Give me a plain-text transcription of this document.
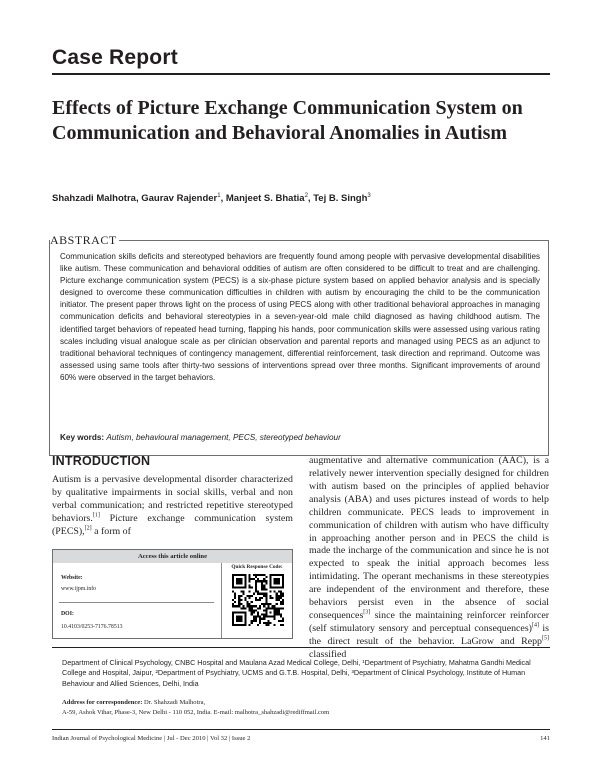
Case Report
Effects of Picture Exchange Communication System on Communication and Behavioral Anomalies in Autism
Shahzadi Malhotra, Gaurav Rajender$^1$, Manjeet S. Bhatia$^2$, Tej B. Singh$^3$
ABSTRACT
Communication skills deficits and stereotyped behaviors are frequently found among people with pervasive developmental disabilities like autism. These communication and behavioral oddities of autism are often considered to be difficult to treat and are challenging. Picture exchange communication system (PECS) is a six-phase picture system based on applied behavior analysis and is specially designed to overcome these communication difficulties in children with autism by encouraging the child to be the communication initiator. The present paper throws light on the process of using PECS along with other traditional behavioral approaches in managing communication deficits and behavioral stereotypies in a seven-year-old male child diagnosed as having childhood autism. The identified target behaviors of repeated head turning, flapping his hands, poor communication skills were assessed using various rating scales including visual analogue scale as per clinician observation and parental reports and managed using PECS as an adjunct to traditional behavioral techniques of contingency management, differential reinforcement, task direction and reprimand. Outcome was assessed using same tools after thirty-two sessions of interventions spread over three months. Significant improvements of around 60% were observed in the target behaviors.
Key words: Autism, behavioural management, PECS, stereotyped behaviour
INTRODUCTION
Autism is a pervasive developmental disorder characterized by qualitative impairments in social skills, verbal and non verbal communication; and restricted repetitive stereotyped behaviors.[1] Picture exchange communication system (PECS),[2] a form of
augmentative and alternative communication (AAC), is a relatively newer intervention specially designed for children with autism based on the principles of applied behavior analysis (ABA) and uses pictures instead of words to help children communicate. PECS leads to improvement in communication of children with autism who have difficulty in approaching another person and in PECS the child is made the incharge of the communication and since he is not expected to speak the initial approach becomes less intimidating. The operant mechanisms in these stereotypies are independent of the environment and therefore, these behaviors persist even in the absence of social consequences[3] since the maintaining reinforcer reinforcer (self stimulatory sensory and perceptual consequences)[4] is the direct result of the behavior. LaGrow and Repp[5] classified
Access this article online
Quick Response Code:
Website:
www.ijpm.info
DOI:
10.4103/0253-7176.78513
Department of Clinical Psychology, CNBC Hospital and Maulana Azad Medical College, Delhi, ¹Department of Psychiatry, Mahatma Gandhi Medical College and Hospital, Jaipur, ²Department of Psychiatry, UCMS and G.T.B. Hospital, Delhi, ³Department of Clinical Psychology, Institute of Human Behaviour and Allied Sciences, Delhi, India
Address for correspondence: Dr. Shahzadi Malhotra,
A-59, Ashok Vihar, Phase-3, New Delhi - 110 052, India. E-mail: malhotra_shahzadi@rediffmail.com
Indian Journal of Psychological Medicine | Jul - Dec 2010 | Vol 32 | Issue 2	141
